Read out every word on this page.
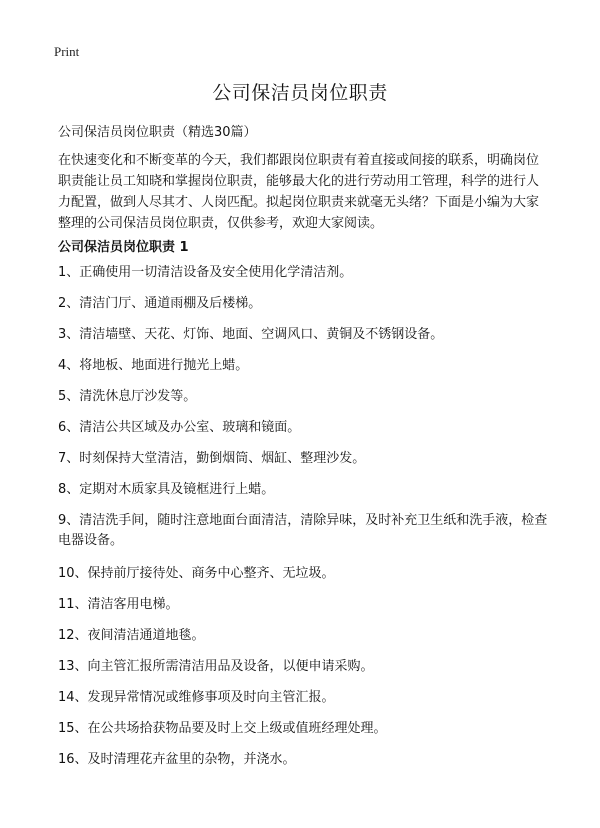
Print
公司保洁员岗位职责
公司保洁员岗位职责（精选30篇）

在快速变化和不断变革的今天，我们都跟岗位职责有着直接或间接的联系，明确岗位职责能让员工知晓和掌握岗位职责，能够最大化的进行劳动用工管理，科学的进行人力配置，做到人尽其才、人岗匹配。拟起岗位职责来就毫无头绪？下面是小编为大家整理的公司保洁员岗位职责，仅供参考，欢迎大家阅读。

公司保洁员岗位职责 1
1、正确使用一切清洁设备及安全使用化学清洁剂。
2、清洁门厅、通道雨棚及后楼梯。
3、清洁墙壁、天花、灯饰、地面、空调风口、黄铜及不锈钢设备。
4、将地板、地面进行抛光上蜡。
5、清洗休息厅沙发等。
6、清洁公共区域及办公室、玻璃和镜面。
7、时刻保持大堂清洁，勤倒烟筒、烟缸、整理沙发。
8、定期对木质家具及镜框进行上蜡。
9、清洁洗手间，随时注意地面台面清洁，清除异味，及时补充卫生纸和洗手液，检查电器设备。
10、保持前厅接待处、商务中心整齐、无垃圾。
11、清洁客用电梯。
12、夜间清洁通道地毯。
13、向主管汇报所需清洁用品及设备，以便申请采购。
14、发现异常情况或维修事项及时向主管汇报。
15、在公共场拾获物品要及时上交上级或值班经理处理。
16、及时清理花卉盆里的杂物，并浇水。
